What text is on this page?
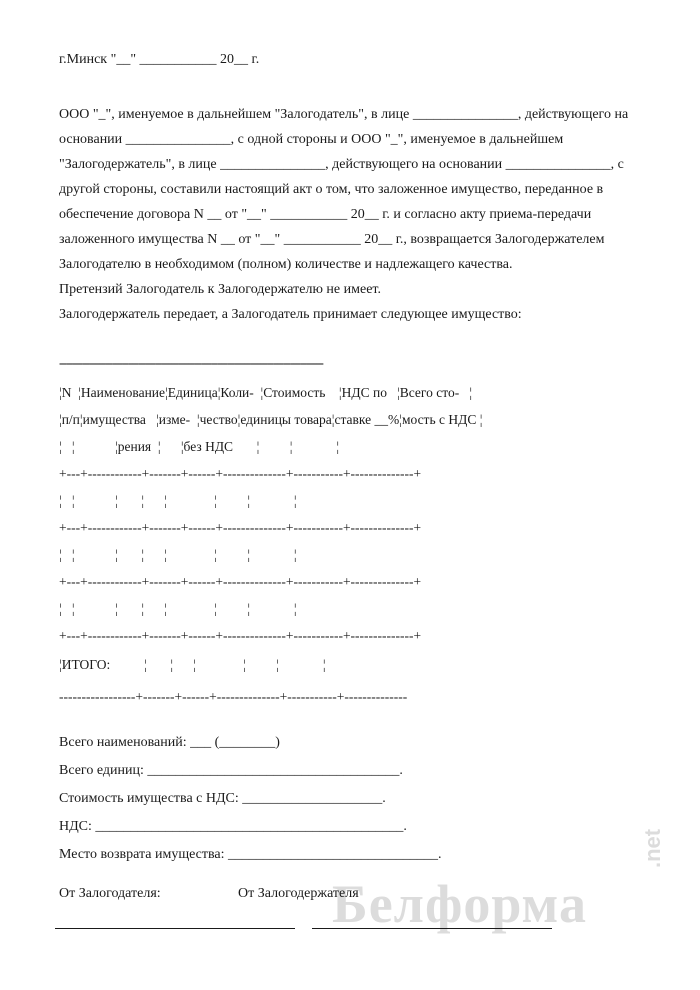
Белформа
.net
г.Минск "__" ___________ 20__ г.
ООО "_", именуемое в дальнейшем "Залогодатель", в лице _______________, действующего на
основании _______________, с одной стороны и ООО "_", именуемое в дальнейшем
"Залогодержатель", в лице _______________, действующего на основании _______________, с
другой стороны, составили настоящий акт о том, что заложенное имущество, переданное в
обеспечение договора N __ от "__" ___________ 20__ г. и согласно акту приема-передачи
заложенного имущества N __ от "__" ___________ 20__ г., возвращается Залогодержателем
Залогодателю в необходимом (полном) количестве и надлежащего качества.
Претензий Залогодатель к Залогодержателю не имеет.
Залогодержатель передает, а Залогодатель принимает следующее имущество:
--------------------------------------------------------------------------------
¦N  ¦Наименование¦Единица¦Коли-  ¦Стоимость    ¦НДС по   ¦Всего сто-   ¦
¦п/п¦имущества   ¦изме-  ¦чество¦единицы товара¦ставке __%¦мость с НДС ¦
¦   ¦            ¦рения  ¦      ¦без НДС       ¦         ¦             ¦
+---+------------+-------+------+--------------+-----------+--------------+
¦   ¦            ¦       ¦      ¦              ¦         ¦             ¦
+---+------------+-------+------+--------------+-----------+--------------+
¦   ¦            ¦       ¦      ¦              ¦         ¦             ¦
+---+------------+-------+------+--------------+-----------+--------------+
¦   ¦            ¦       ¦      ¦              ¦         ¦             ¦
+---+------------+-------+------+--------------+-----------+--------------+
¦ИТОГО:          ¦       ¦      ¦              ¦         ¦             ¦
-----------------+-------+------+--------------+-----------+--------------
Всего наименований: ___ (________)
Всего единиц: ____________________________________.
Стоимость имущества с НДС: ____________________.
НДС: ____________________________________________.
Место возврата имущества: ______________________________.
От Залогодателя:	От Залогодержателя
